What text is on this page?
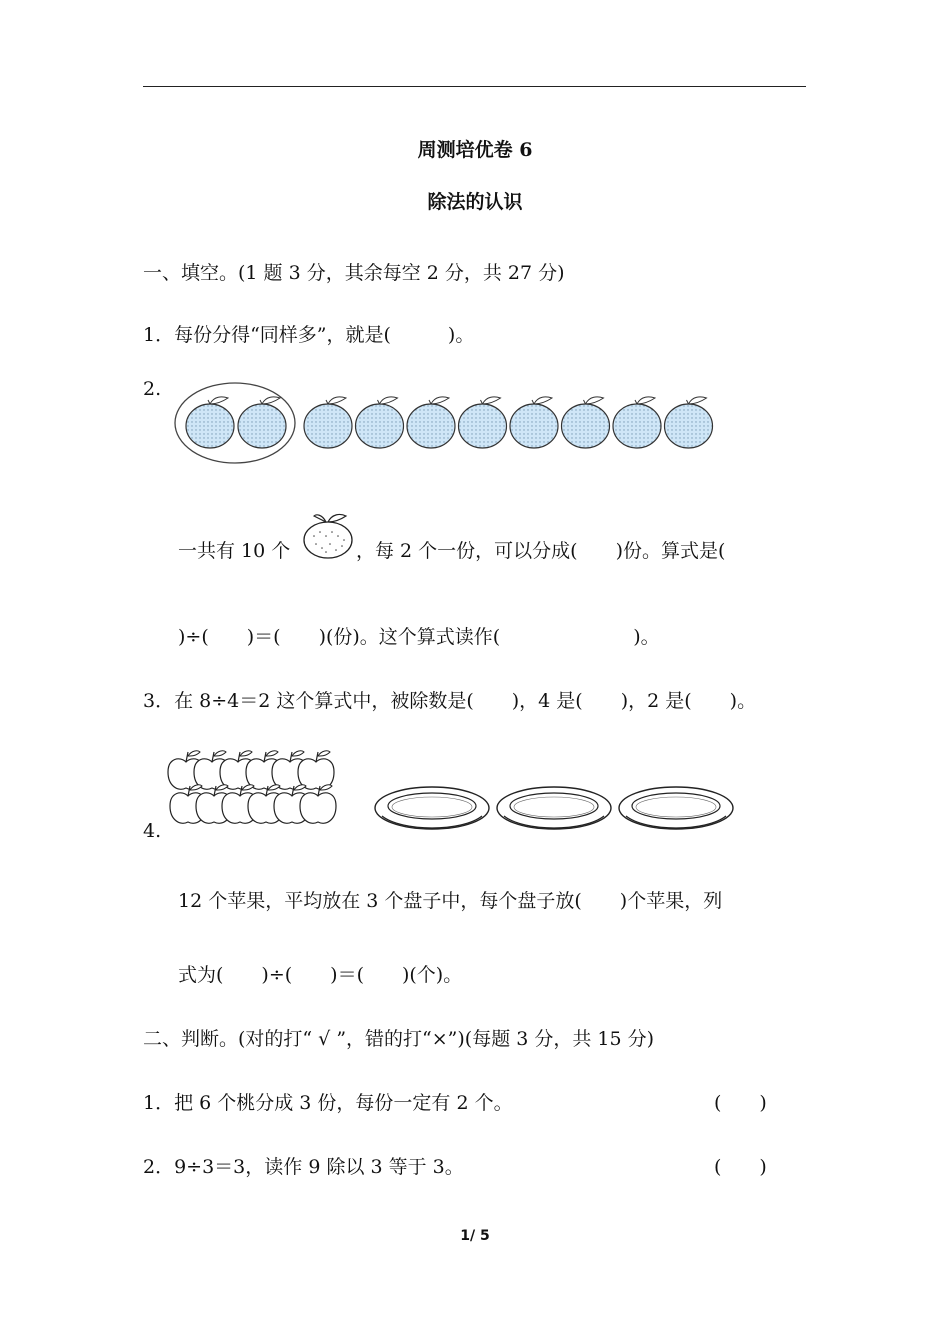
周测培优卷 6
除法的认识
一、填空。(1 题 3 分，其余每空 2 分，共 27 分)
1．每份分得“同样多”，就是(　　　)。
2.
一共有 10 个	，每 2 个一份，可以分成(　　)份。算式是(
)÷(　　)＝(　　)(份)。这个算式读作(　　　　　　　)。
3．在 8÷4＝2 这个算式中，被除数是(　　)，4 是(　　)，2 是(　　)。
4.
12 个苹果，平均放在 3 个盘子中，每个盘子放(　　)个苹果，列
式为(　　)÷(　　)＝(　　)(个)。
二、判断。(对的打“ √ ”，错的打“×”)(每题 3 分，共 15 分)
1．把 6 个桃分成 3 份，每份一定有 2 个。	(　　)
2．9÷3＝3，读作 9 除以 3 等于 3。	(　　)
1/ 5
